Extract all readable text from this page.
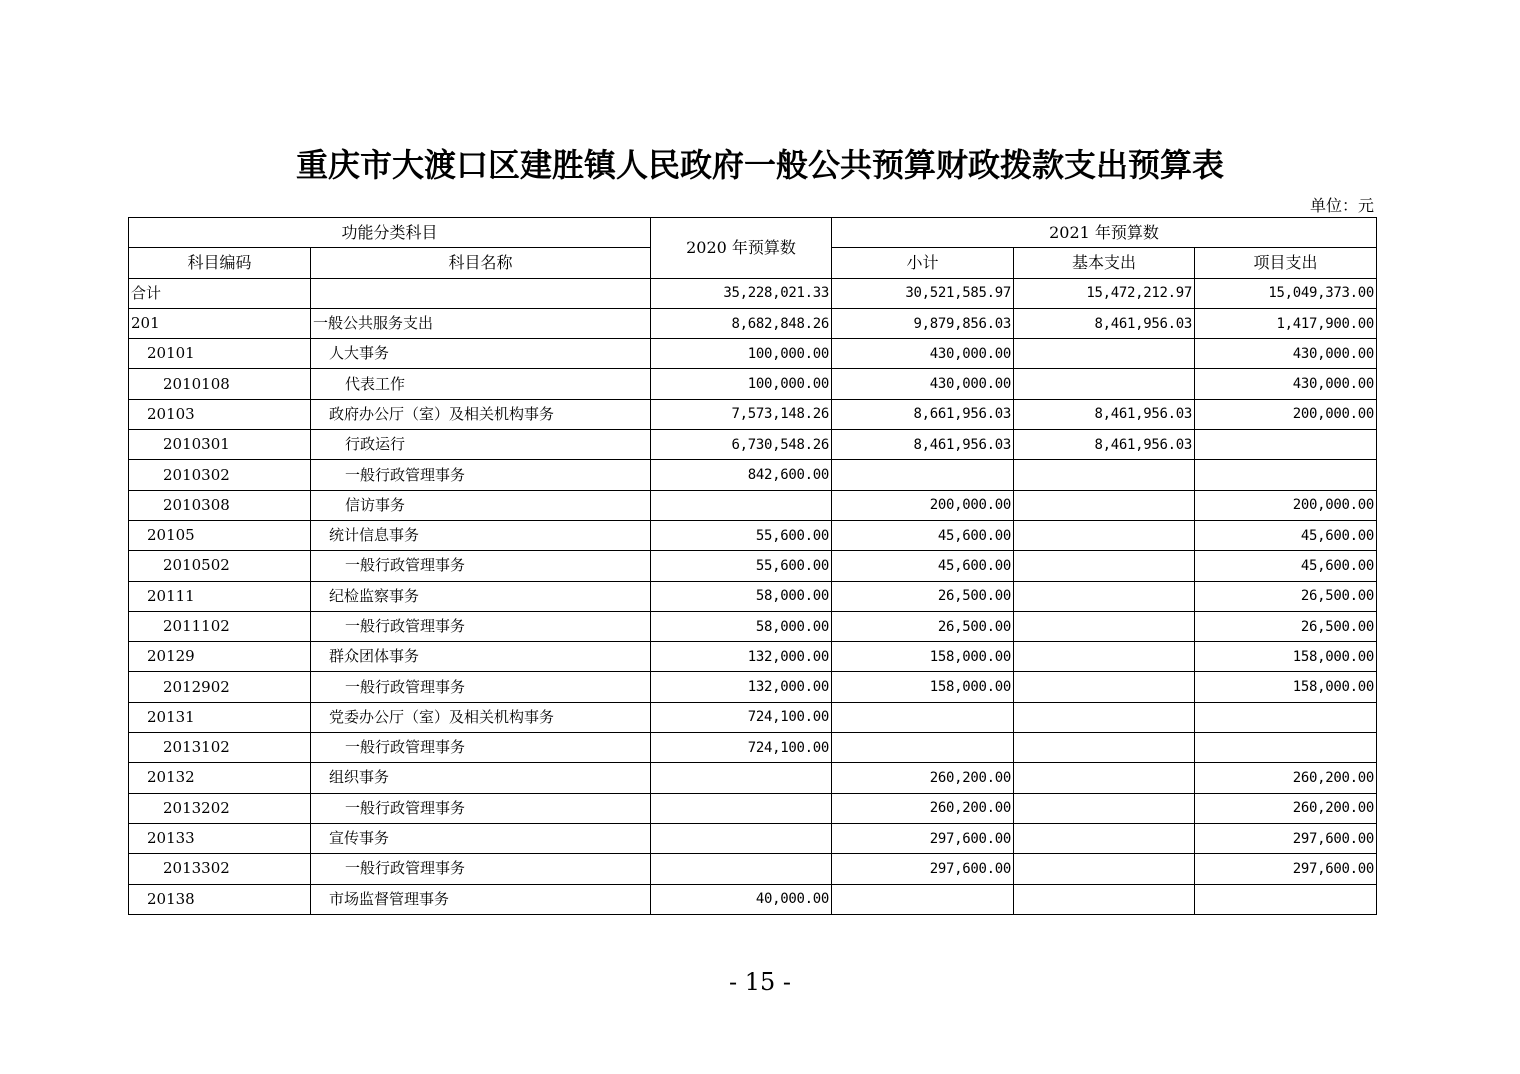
重庆市大渡口区建胜镇人民政府一般公共预算财政拨款支出预算表
单位：元
功能分类科目		2020 年预算数	2021 年预算数		
科目编码	科目名称		小计	基本支出	项目支出
合计		35,228,021.33	30,521,585.97	15,472,212.97	15,049,373.00
201	一般公共服务支出	8,682,848.26	9,879,856.03	8,461,956.03	1,417,900.00
20101	人大事务	100,000.00	430,000.00		430,000.00
2010108	代表工作	100,000.00	430,000.00		430,000.00
20103	政府办公厅（室）及相关机构事务	7,573,148.26	8,661,956.03	8,461,956.03	200,000.00
2010301	行政运行	6,730,548.26	8,461,956.03	8,461,956.03	
2010302	一般行政管理事务	842,600.00			
2010308	信访事务		200,000.00		200,000.00
20105	统计信息事务	55,600.00	45,600.00		45,600.00
2010502	一般行政管理事务	55,600.00	45,600.00		45,600.00
20111	纪检监察事务	58,000.00	26,500.00		26,500.00
2011102	一般行政管理事务	58,000.00	26,500.00		26,500.00
20129	群众团体事务	132,000.00	158,000.00		158,000.00
2012902	一般行政管理事务	132,000.00	158,000.00		158,000.00
20131	党委办公厅（室）及相关机构事务	724,100.00			
2013102	一般行政管理事务	724,100.00			
20132	组织事务		260,200.00		260,200.00
2013202	一般行政管理事务		260,200.00		260,200.00
20133	宣传事务		297,600.00		297,600.00
2013302	一般行政管理事务		297,600.00		297,600.00
20138	市场监督管理事务	40,000.00			
- 15 -
